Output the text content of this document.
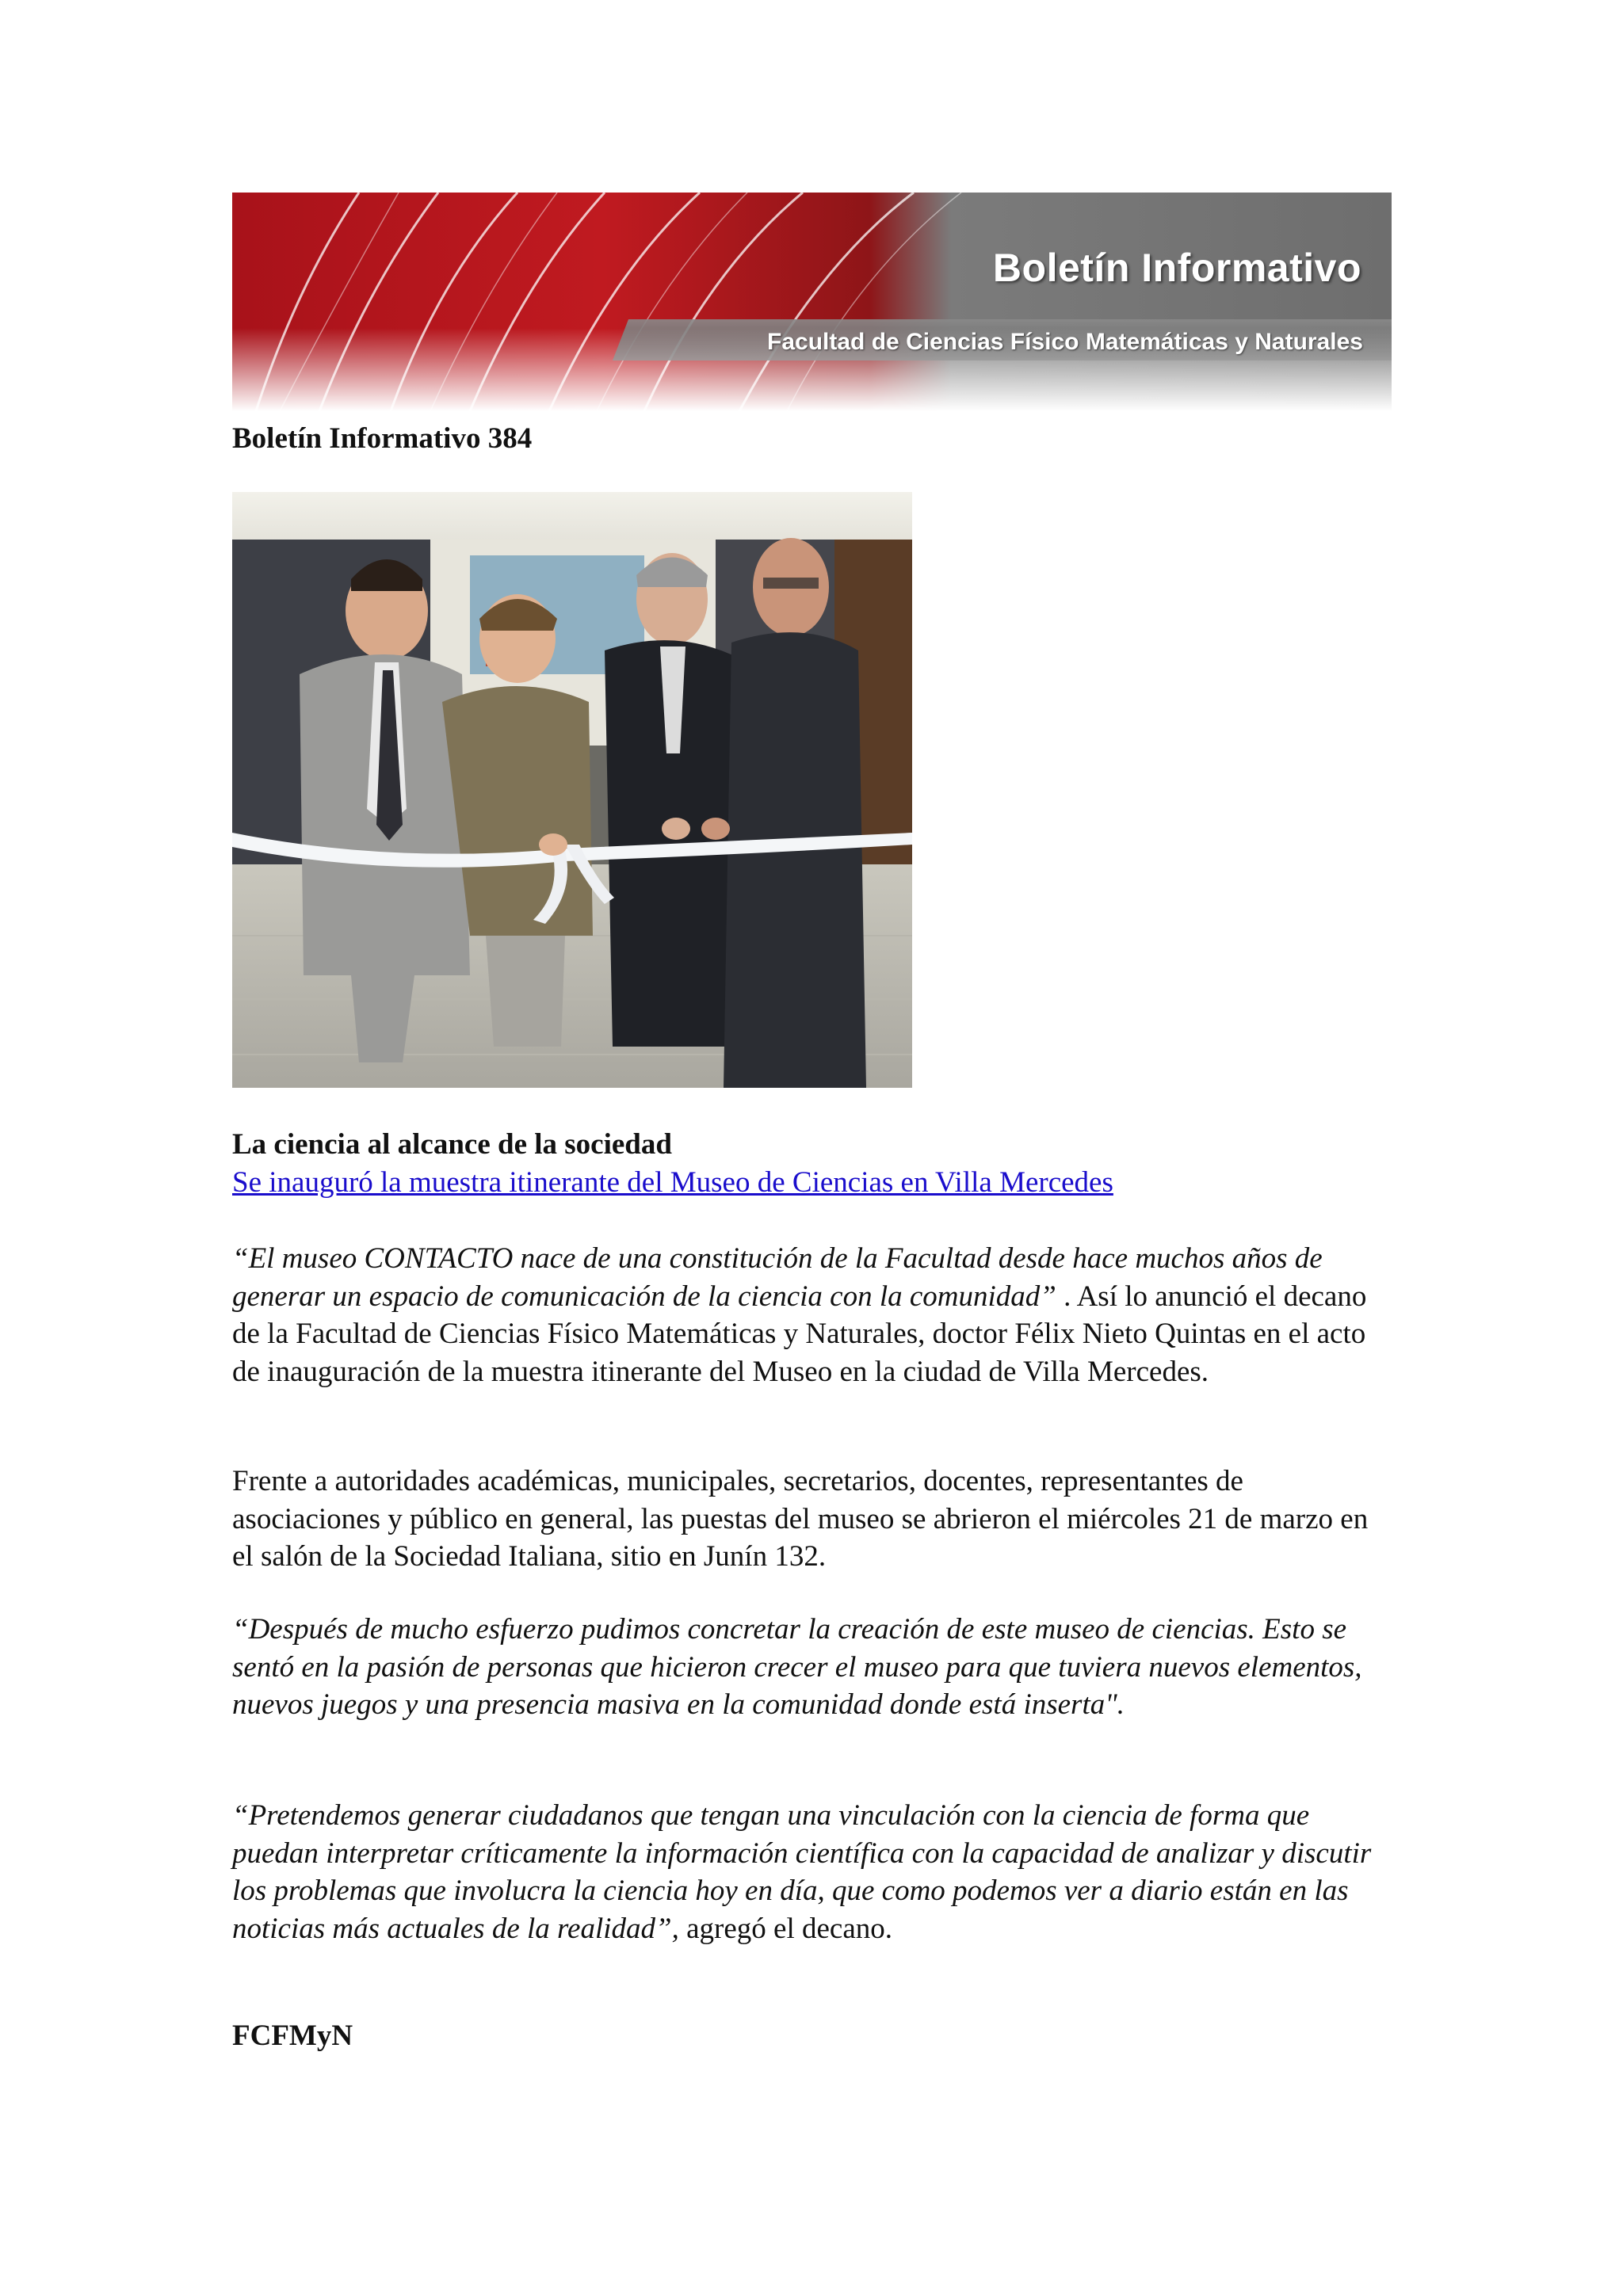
Boletín Informativo

Facultad de Ciencias Físico Matemáticas y Naturales

Boletín Informativo 384

La ciencia al alcance de la sociedad

Se inauguró la muestra itinerante del Museo de Ciencias en Villa Mercedes

“El museo CONTACTO nace de una constitución de la Facultad desde hace muchos años de generar un espacio de comunicación de la ciencia con la comunidad” . Así lo anunció el decano de la Facultad de Ciencias Físico Matemáticas y Naturales, doctor Félix Nieto Quintas en el acto de inauguración de la muestra itinerante del Museo en la ciudad de Villa Mercedes.

Frente a autoridades académicas, municipales, secretarios, docentes, representantes de asociaciones y público en general, las puestas del museo se abrieron el miércoles 21 de marzo en el salón de la Sociedad Italiana, sitio en Junín 132.

“Después de mucho esfuerzo pudimos concretar la creación de este museo de ciencias. Esto se sentó en la pasión de personas que hicieron crecer el museo para que tuviera nuevos elementos, nuevos juegos y una presencia masiva en la comunidad donde está inserta".

“Pretendemos generar ciudadanos que tengan una vinculación con la ciencia de forma que puedan interpretar críticamente la información científica con la capacidad de analizar y discutir los problemas que involucra la ciencia hoy en día, que como podemos ver a diario están en las noticias más actuales de la realidad”, agregó el decano.

FCFMyN
